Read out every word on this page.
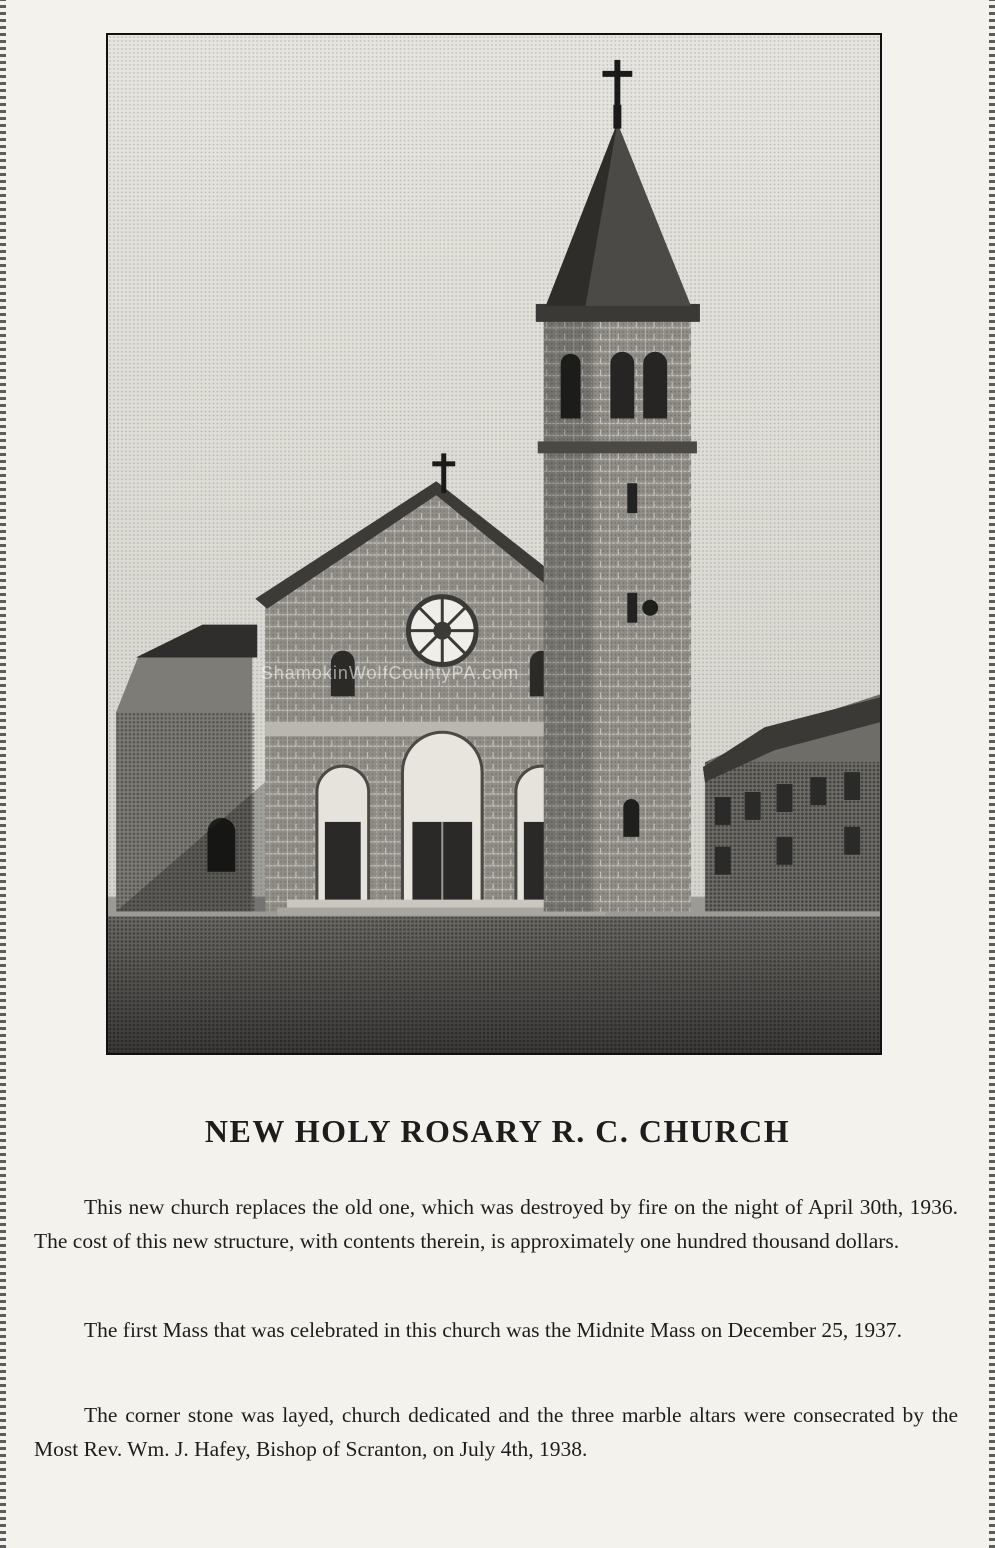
ShamokinWolfCountyPA.com
NEW HOLY ROSARY R. C. CHURCH

This new church replaces the old one, which was destroyed by fire on the night of April 30th, 1936. The cost of this new structure, with contents therein, is approximately one hundred thousand dollars.

The first Mass that was celebrated in this church was the Midnite Mass on December 25, 1937.

The corner stone was layed, church dedicated and the three marble altars were consecrated by the Most Rev. Wm. J. Hafey, Bishop of Scranton, on July 4th, 1938.
